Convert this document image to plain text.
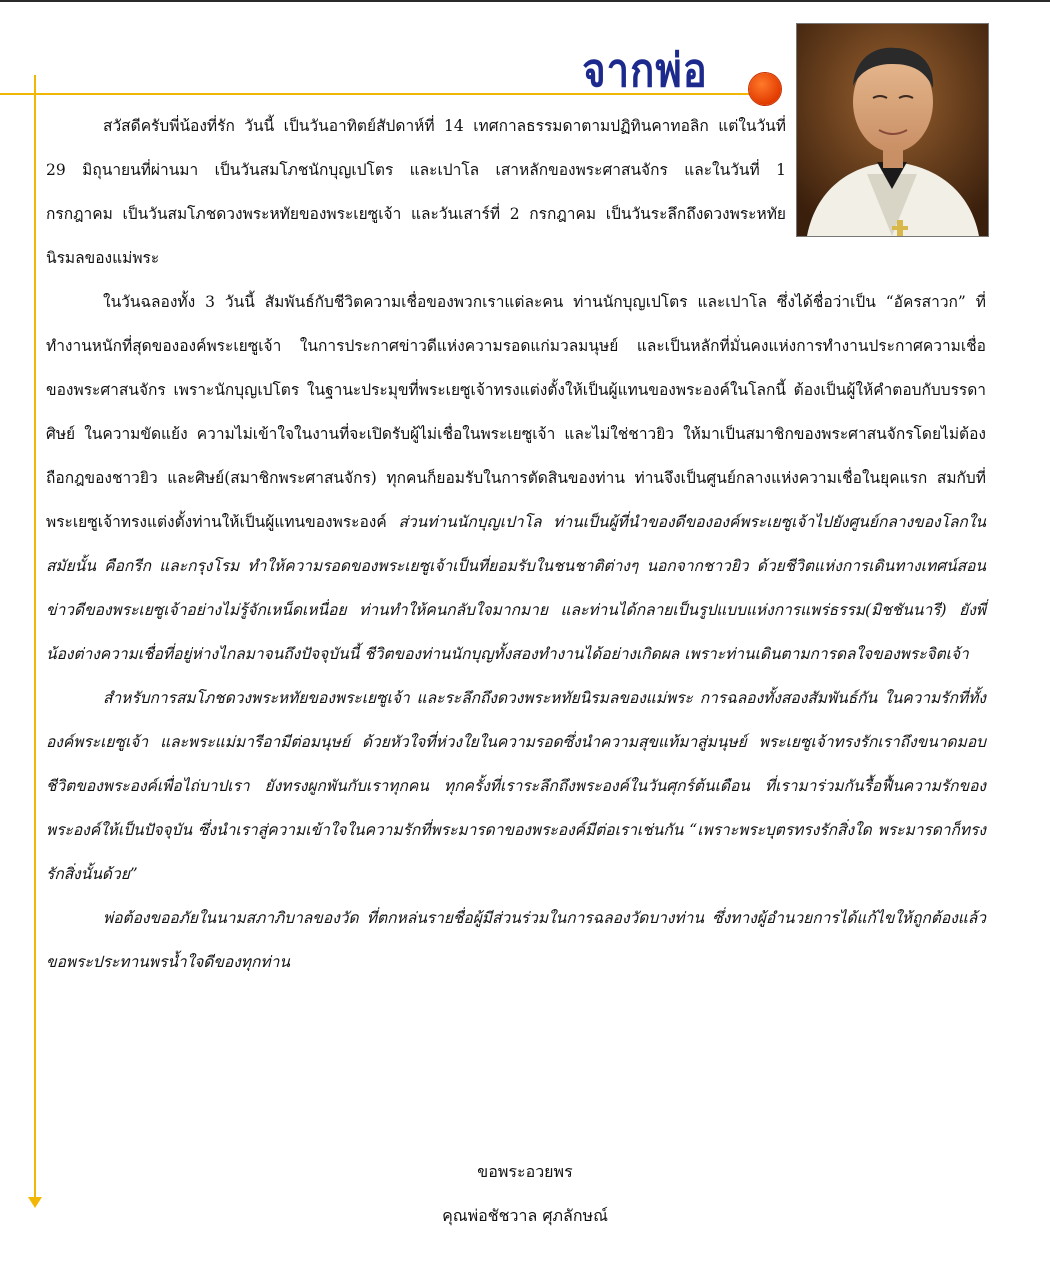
จากพ่อ

สวัสดีครับพี่น้องที่รัก วันนี้ เป็นวันอาทิตย์สัปดาห์ที่ 14 เทศกาลธรรมดาตามปฏิทินคาทอลิก แต่ในวันที่ 29 มิถุนายนที่ผ่านมา เป็นวันสมโภชนักบุญเปโตร และเปาโล เสาหลักของพระศาสนจักร และในวันที่ 1 กรกฎาคม เป็นวันสมโภชดวงพระหทัยของพระเยซูเจ้า และวันเสาร์ที่ 2 กรกฎาคม เป็นวันระลึกถึงดวงพระหทัยนิรมลของแม่พระ

ในวันฉลองทั้ง 3 วันนี้ สัมพันธ์กับชีวิตความเชื่อของพวกเราแต่ละคน ท่านนักบุญเปโตร และเปาโล ซึ่งได้ชื่อว่าเป็น “อัครสาวก” ที่ทำงานหนักที่สุดขององค์พระเยซูเจ้า ในการประกาศข่าวดีแห่งความรอดแก่มวลมนุษย์ และเป็นหลักที่มั่นคงแห่งการทำงานประกาศความเชื่อของพระศาสนจักร เพราะนักบุญเปโตร ในฐานะประมุขที่พระเยซูเจ้าทรงแต่งตั้งให้เป็นผู้แทนของพระองค์ในโลกนี้ ต้องเป็นผู้ให้คำตอบกับบรรดาศิษย์ ในความขัดแย้ง ความไม่เข้าใจในงานที่จะเปิดรับผู้ไม่เชื่อในพระเยซูเจ้า และไม่ใช่ชาวยิว ให้มาเป็นสมาชิกของพระศาสนจักรโดยไม่ต้องถือกฎของชาวยิว และศิษย์(สมาชิกพระศาสนจักร) ทุกคนก็ยอมรับในการตัดสินของท่าน ท่านจึงเป็นศูนย์กลางแห่งความเชื่อในยุคแรก สมกับที่พระเยซูเจ้าทรงแต่งตั้งท่านให้เป็นผู้แทนของพระองค์ ส่วนท่านนักบุญเปาโล ท่านเป็นผู้ที่นำของดีขององค์พระเยซูเจ้าไปยังศูนย์กลางของโลกในสมัยนั้น คือกรีก และกรุงโรม ทำให้ความรอดของพระเยซูเจ้าเป็นที่ยอมรับในชนชาติต่างๆ นอกจากชาวยิว ด้วยชีวิตแห่งการเดินทางเทศน์สอนข่าวดีของพระเยซูเจ้าอย่างไม่รู้จักเหน็ดเหนื่อย ท่านทำให้คนกลับใจมากมาย และท่านได้กลายเป็นรูปแบบแห่งการแพร่ธรรม(มิชชันนารี) ยังพี่น้องต่างความเชื่อที่อยู่ห่างไกลมาจนถึงปัจจุบันนี้ ชีวิตของท่านนักบุญทั้งสองทำงานได้อย่างเกิดผล เพราะท่านเดินตามการดลใจของพระจิตเจ้า

สำหรับการสมโภชดวงพระหทัยของพระเยซูเจ้า และระลึกถึงดวงพระหทัยนิรมลของแม่พระ การฉลองทั้งสองสัมพันธ์กัน ในความรักที่ทั้งองค์พระเยซูเจ้า และพระแม่มารีอามีต่อมนุษย์ ด้วยหัวใจที่ห่วงใยในความรอดซึ่งนำความสุขแท้มาสู่มนุษย์ พระเยซูเจ้าทรงรักเราถึงขนาดมอบชีวิตของพระองค์เพื่อไถ่บาปเรา ยังทรงผูกพันกับเราทุกคน ทุกครั้งที่เราระลึกถึงพระองค์ในวันศุกร์ต้นเดือน ที่เรามาร่วมกันรื้อฟื้นความรักของพระองค์ให้เป็นปัจจุบัน ซึ่งนำเราสู่ความเข้าใจในความรักที่พระมารดาของพระองค์มีต่อเราเช่นกัน “เพราะพระบุตรทรงรักสิ่งใด พระมารดาก็ทรงรักสิ่งนั้นด้วย”

พ่อต้องขออภัยในนามสภาภิบาลของวัด ที่ตกหล่นรายชื่อผู้มีส่วนร่วมในการฉลองวัดบางท่าน ซึ่งทางผู้อำนวยการได้แก้ไขให้ถูกต้องแล้ว ขอพระประทานพรน้ำใจดีของทุกท่าน

ขอพระอวยพร
คุณพ่อชัชวาล ศุภลักษณ์
